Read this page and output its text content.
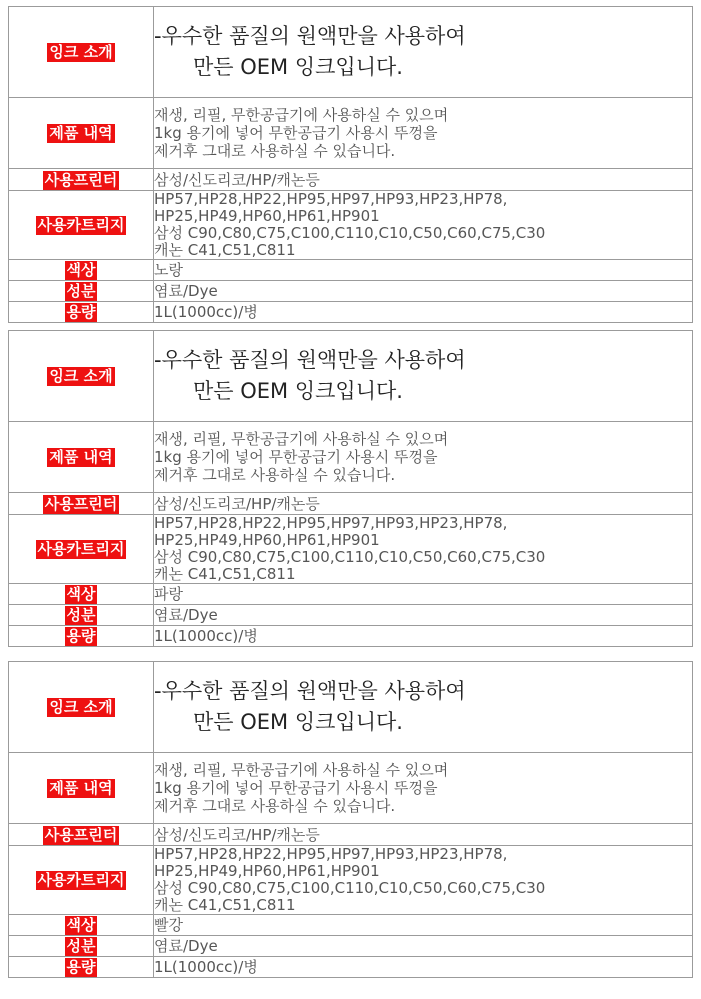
잉크 소개	-우수한 품질의 원액만을 사용하여
만든 OEM 잉크입니다.

제품 내역	재생, 리필, 무한공급기에 사용하실 수 있으며
1kg 용기에 넣어 무한공급기 사용시 뚜껑을
제거후 그대로 사용하실 수 있습니다.

사용프린터	삼성/신도리코/HP/캐논등
사용카트리지	HP57,HP28,HP22,HP95,HP97,HP93,HP23,HP78,
HP25,HP49,HP60,HP61,HP901
삼성 C90,C80,C75,C100,C110,C10,C50,C60,C75,C30
캐논 C41,C51,C811

색상	노랑
성분	염료/Dye
용량	1L(1000cc)/병
잉크 소개	-우수한 품질의 원액만을 사용하여
만든 OEM 잉크입니다.

제품 내역	재생, 리필, 무한공급기에 사용하실 수 있으며
1kg 용기에 넣어 무한공급기 사용시 뚜껑을
제거후 그대로 사용하실 수 있습니다.

사용프린터	삼성/신도리코/HP/캐논등
사용카트리지	HP57,HP28,HP22,HP95,HP97,HP93,HP23,HP78,
HP25,HP49,HP60,HP61,HP901
삼성 C90,C80,C75,C100,C110,C10,C50,C60,C75,C30
캐논 C41,C51,C811

색상	파랑
성분	염료/Dye
용량	1L(1000cc)/병
잉크 소개	-우수한 품질의 원액만을 사용하여
만든 OEM 잉크입니다.

제품 내역	재생, 리필, 무한공급기에 사용하실 수 있으며
1kg 용기에 넣어 무한공급기 사용시 뚜껑을
제거후 그대로 사용하실 수 있습니다.

사용프린터	삼성/신도리코/HP/캐논등
사용카트리지	HP57,HP28,HP22,HP95,HP97,HP93,HP23,HP78,
HP25,HP49,HP60,HP61,HP901
삼성 C90,C80,C75,C100,C110,C10,C50,C60,C75,C30
캐논 C41,C51,C811

색상	빨강
성분	염료/Dye
용량	1L(1000cc)/병
